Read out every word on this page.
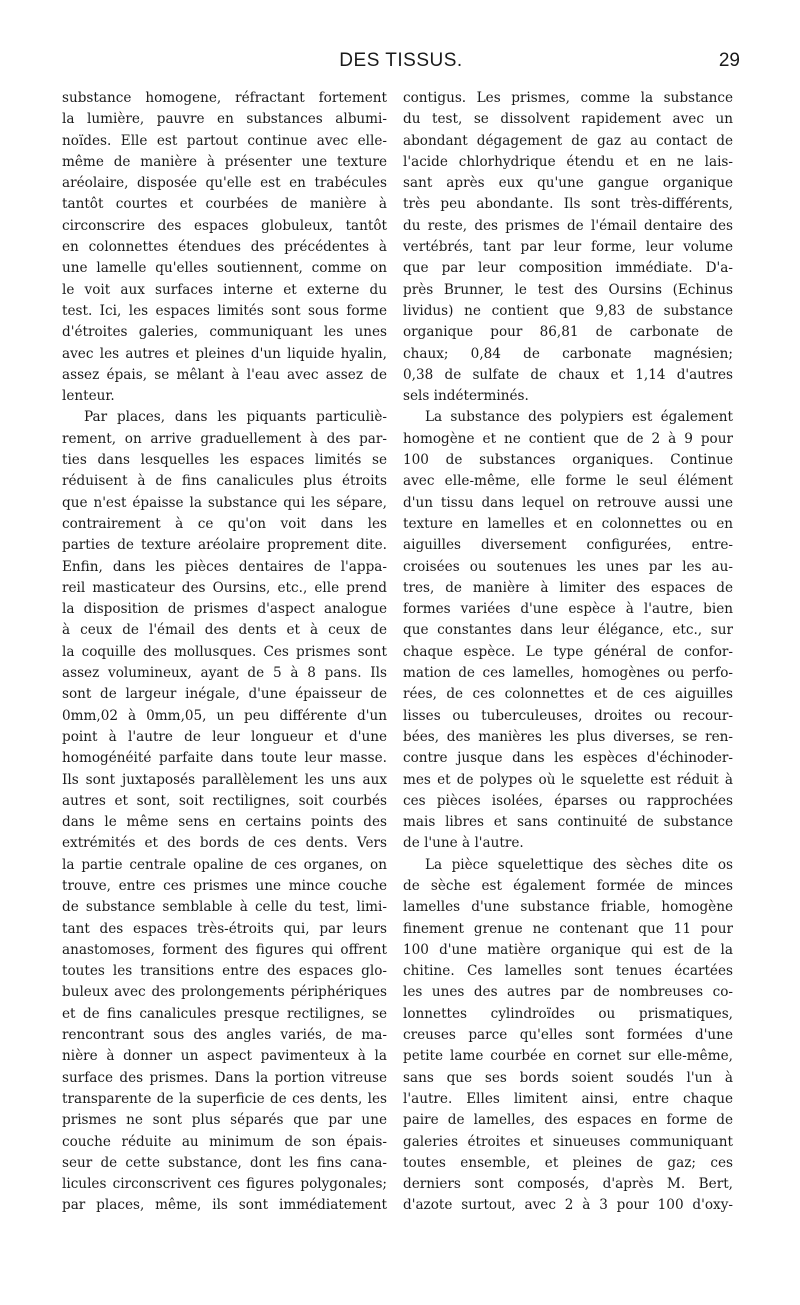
DES TISSUS.	29
substance homogene, réfractant fortement
la lumière, pauvre en substances albumi-
noïdes. Elle est partout continue avec elle-
même de manière à présenter une texture
aréolaire, disposée qu'elle est en trabécules
tantôt courtes et courbées de manière à
circonscrire des espaces globuleux, tantôt
en colonnettes étendues des précédentes à
une lamelle qu'elles soutiennent, comme on
le voit aux surfaces interne et externe du
test. Ici, les espaces limités sont sous forme
d'étroites galeries, communiquant les unes
avec les autres et pleines d'un liquide hyalin,
assez épais, se mêlant à l'eau avec assez de
lenteur.
Par places, dans les piquants particuliè-
rement, on arrive graduellement à des par-
ties dans lesquelles les espaces limités se
réduisent à de fins canalicules plus étroits
que n'est épaisse la substance qui les sépare,
contrairement à ce qu'on voit dans les
parties de texture aréolaire proprement dite.
Enfin, dans les pièces dentaires de l'appa-
reil masticateur des Oursins, etc., elle prend
la disposition de prismes d'aspect analogue
à ceux de l'émail des dents et à ceux de
la coquille des mollusques. Ces prismes sont
assez volumineux, ayant de 5 à 8 pans. Ils
sont de largeur inégale, d'une épaisseur de
0mm,02 à 0mm,05, un peu différente d'un
point à l'autre de leur longueur et d'une
homogénéité parfaite dans toute leur masse.
Ils sont juxtaposés parallèlement les uns aux
autres et sont, soit rectilignes, soit courbés
dans le même sens en certains points des
extrémités et des bords de ces dents. Vers
la partie centrale opaline de ces organes, on
trouve, entre ces prismes une mince couche
de substance semblable à celle du test, limi-
tant des espaces très-étroits qui, par leurs
anastomoses, forment des figures qui offrent
toutes les transitions entre des espaces glo-
buleux avec des prolongements périphériques
et de fins canalicules presque rectilignes, se
rencontrant sous des angles variés, de ma-
nière à donner un aspect pavimenteux à la
surface des prismes. Dans la portion vitreuse
transparente de la superficie de ces dents, les
prismes ne sont plus séparés que par une
couche réduite au minimum de son épais-
seur de cette substance, dont les fins cana-
licules circonscrivent ces figures polygonales;
par places, même, ils sont immédiatement
contigus. Les prismes, comme la substance
du test, se dissolvent rapidement avec un
abondant dégagement de gaz au contact de
l'acide chlorhydrique étendu et en ne lais-
sant après eux qu'une gangue organique
très peu abondante. Ils sont très-différents,
du reste, des prismes de l'émail dentaire des
vertébrés, tant par leur forme, leur volume
que par leur composition immédiate. D'a-
près Brunner, le test des Oursins (Echinus
lividus) ne contient que 9,83 de substance
organique pour 86,81 de carbonate de
chaux; 0,84 de carbonate magnésien;
0,38 de sulfate de chaux et 1,14 d'autres
sels indéterminés.
La substance des polypiers est également
homogène et ne contient que de 2 à 9 pour
100 de substances organiques. Continue
avec elle-même, elle forme le seul élément
d'un tissu dans lequel on retrouve aussi une
texture en lamelles et en colonnettes ou en
aiguilles diversement configurées, entre-
croisées ou soutenues les unes par les au-
tres, de manière à limiter des espaces de
formes variées d'une espèce à l'autre, bien
que constantes dans leur élégance, etc., sur
chaque espèce. Le type général de confor-
mation de ces lamelles, homogènes ou perfo-
rées, de ces colonnettes et de ces aiguilles
lisses ou tuberculeuses, droites ou recour-
bées, des manières les plus diverses, se ren-
contre jusque dans les espèces d'échinoder-
mes et de polypes où le squelette est réduit à
ces pièces isolées, éparses ou rapprochées
mais libres et sans continuité de substance
de l'une à l'autre.
La pièce squelettique des sèches dite os
de sèche est également formée de minces
lamelles d'une substance friable, homogène
finement grenue ne contenant que 11 pour
100 d'une matière organique qui est de la
chitine. Ces lamelles sont tenues écartées
les unes des autres par de nombreuses co-
lonnettes cylindroïdes ou prismatiques,
creuses parce qu'elles sont formées d'une
petite lame courbée en cornet sur elle-même,
sans que ses bords soient soudés l'un à
l'autre. Elles limitent ainsi, entre chaque
paire de lamelles, des espaces en forme de
galeries étroites et sinueuses communiquant
toutes ensemble, et pleines de gaz; ces
derniers sont composés, d'après M. Bert,
d'azote surtout, avec 2 à 3 pour 100 d'oxy-
